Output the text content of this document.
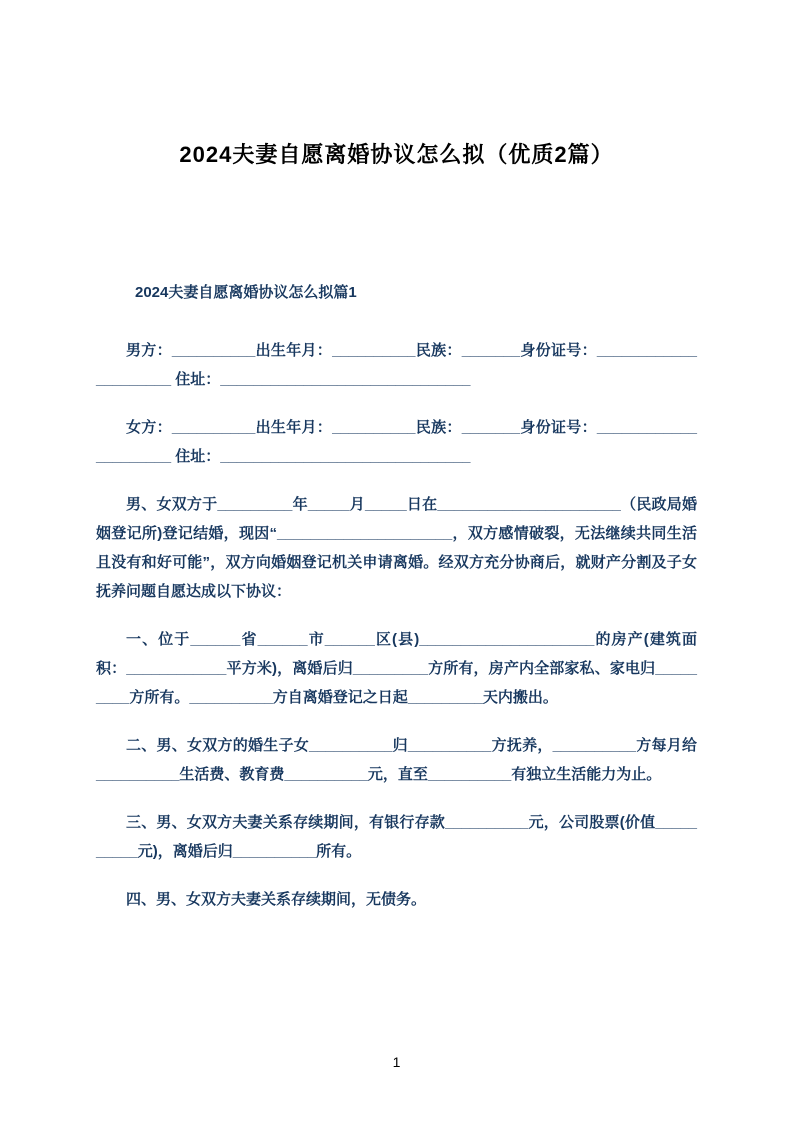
2024夫妻自愿离婚协议怎么拟（优质2篇）
2024夫妻自愿离婚协议怎么拟篇1

男方：__________出生年月：__________民族：_______身份证号：_____________________ 住址：______________________________

女方：__________出生年月：__________民族：_______身份证号：_____________________ 住址：______________________________

男、女双方于_________年_____月_____日在______________________（民政局婚姻登记所)登记结婚，现因“_____________________，双方感情破裂，无法继续共同生活且没有和好可能”，双方向婚姻登记机关申请离婚。经双方充分协商后，就财产分割及子女抚养问题自愿达成以下协议：

一、位于______省______市______区(县)_____________________的房产(建筑面积：____________平方米)，离婚后归_________方所有，房产内全部家私、家电归_________方所有。__________方自离婚登记之日起_________天内搬出。

二、男、女双方的婚生子女__________归__________方抚养，__________方每月给__________生活费、教育费__________元，直至__________有独立生活能力为止。

三、男、女双方夫妻关系存续期间，有银行存款__________元，公司股票(价值__________元)，离婚后归__________所有。

四、男、女双方夫妻关系存续期间，无债务。

1
